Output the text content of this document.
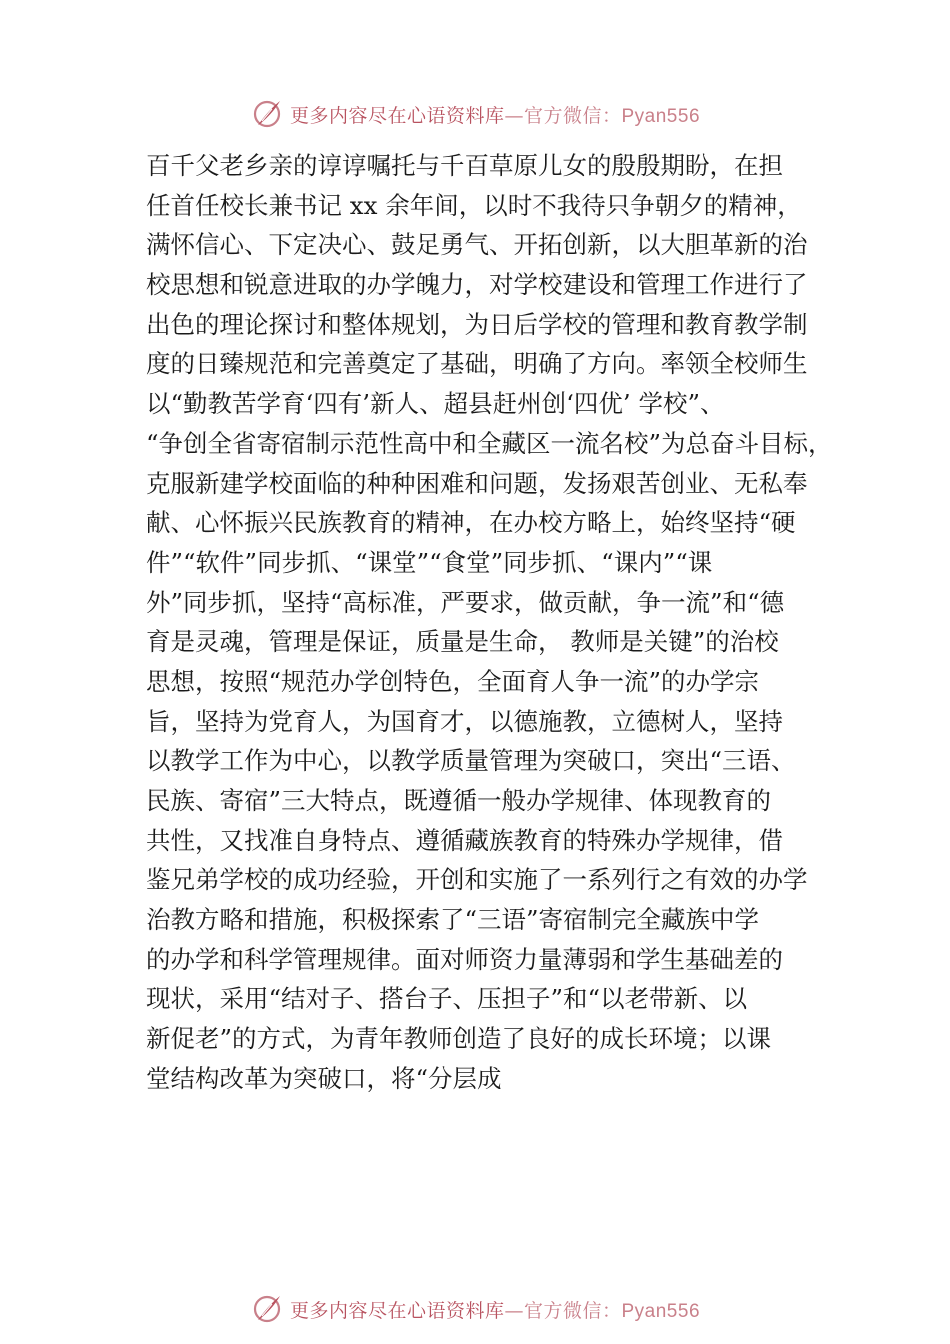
更多内容尽在心语资料库—官方微信：Pyan556
百千父老乡亲的谆谆嘱托与千百草原儿女的殷殷期盼，在担
任首任校长兼书记 xx 余年间，以时不我待只争朝夕的精神，
满怀信心、下定决心、鼓足勇气、开拓创新，以大胆革新的治
校思想和锐意进取的办学魄力，对学校建设和管理工作进行了
出色的理论探讨和整体规划，为日后学校的管理和教育教学制
度的日臻规范和完善奠定了基础，明确了方向。率领全校师生
以“勤教苦学育‘四有’新人、超县赶州创‘四优’ 学校”、
“争创全省寄宿制示范性高中和全藏区一流名校”为总奋斗目标，
克服新建学校面临的种种困难和问题，发扬艰苦创业、无私奉
献、心怀振兴民族教育的精神，在办校方略上，始终坚持“硬
件”“软件”同步抓、“课堂”“食堂”同步抓、“课内”“课
外”同步抓，坚持“高标准，严要求，做贡献，争一流”和“德
育是灵魂，管理是保证，质量是生命， 教师是关键”的治校
思想，按照“规范办学创特色，全面育人争一流”的办学宗
旨，坚持为党育人，为国育才，以德施教，立德树人，坚持
以教学工作为中心，以教学质量管理为突破口，突出“三语、
民族、寄宿”三大特点，既遵循一般办学规律、体现教育的
共性，又找准自身特点、遵循藏族教育的特殊办学规律，借
鉴兄弟学校的成功经验，开创和实施了一系列行之有效的办学
治教方略和措施，积极探索了“三语”寄宿制完全藏族中学
的办学和科学管理规律。面对师资力量薄弱和学生基础差的
现状，采用“结对子、搭台子、压担子”和“以老带新、以
新促老”的方式，为青年教师创造了良好的成长环境；以课
堂结构改革为突破口，将“分层成
更多内容尽在心语资料库—官方微信：Pyan556
